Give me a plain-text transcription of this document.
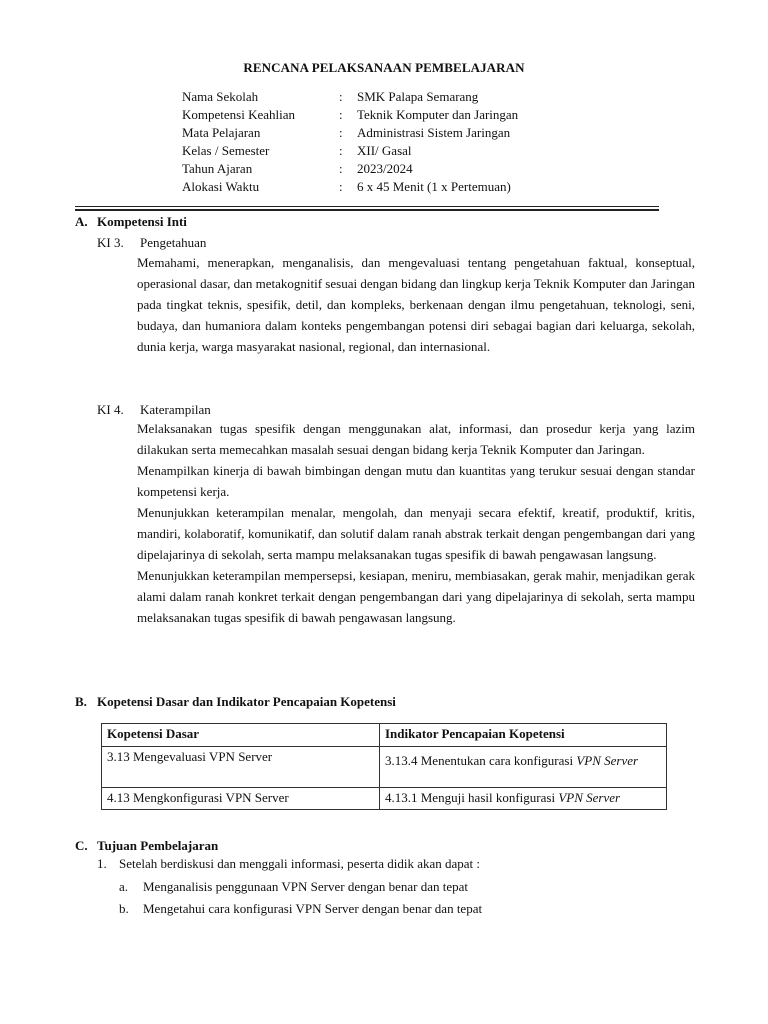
RENCANA PELAKSANAAN PEMBELAJARAN
Nama Sekolah	:	SMK Palapa Semarang
Kompetensi Keahlian	:	Teknik Komputer dan Jaringan
Mata Pelajaran	:	Administrasi Sistem Jaringan
Kelas / Semester	:	XII/ Gasal
Tahun Ajaran	:	2023/2024
Alokasi Waktu	:	6 x 45 Menit (1 x Pertemuan)
A. Kompetensi Inti
KI 3. Pengetahuan

Memahami, menerapkan, menganalisis, dan mengevaluasi tentang pengetahuan faktual, konseptual, operasional dasar, dan metakognitif sesuai dengan bidang dan lingkup kerja Teknik Komputer dan Jaringan pada tingkat teknis, spesifik, detil, dan kompleks, berkenaan dengan ilmu pengetahuan, teknologi, seni, budaya, dan humaniora dalam konteks pengembangan potensi diri sebagai bagian dari keluarga, sekolah, dunia kerja, warga masyarakat nasional, regional, dan internasional.

KI 4. Katerampilan

Melaksanakan tugas spesifik dengan menggunakan alat, informasi, dan prosedur kerja yang lazim dilakukan serta memecahkan masalah sesuai dengan bidang kerja Teknik Komputer dan Jaringan.

Menampilkan kinerja di bawah bimbingan dengan mutu dan kuantitas yang terukur sesuai dengan standar kompetensi kerja.

Menunjukkan keterampilan menalar, mengolah, dan menyaji secara efektif, kreatif, produktif, kritis, mandiri, kolaboratif, komunikatif, dan solutif dalam ranah abstrak terkait dengan pengembangan dari yang dipelajarinya di sekolah, serta mampu melaksanakan tugas spesifik di bawah pengawasan langsung.

Menunjukkan keterampilan mempersepsi, kesiapan, meniru, membiasakan, gerak mahir, menjadikan gerak alami dalam ranah konkret terkait dengan pengembangan dari yang dipelajarinya di sekolah, serta mampu melaksanakan tugas spesifik di bawah pengawasan langsung.

B. Kopetensi Dasar dan Indikator Pencapaian Kopetensi
Kopetensi Dasar	Indikator Pencapaian Kopetensi
3.13 Mengevaluasi VPN Server	3.13.4 Menentukan cara konfigurasi VPN Server
4.13 Mengkonfigurasi VPN Server	4.13.1 Menguji hasil konfigurasi VPN Server
C. Tujuan Pembelajaran
1. Setelah berdiskusi dan menggali informasi, peserta didik akan dapat :
a. Menganalisis penggunaan VPN Server dengan benar dan tepat
b. Mengetahui cara konfigurasi VPN Server dengan benar dan tepat
